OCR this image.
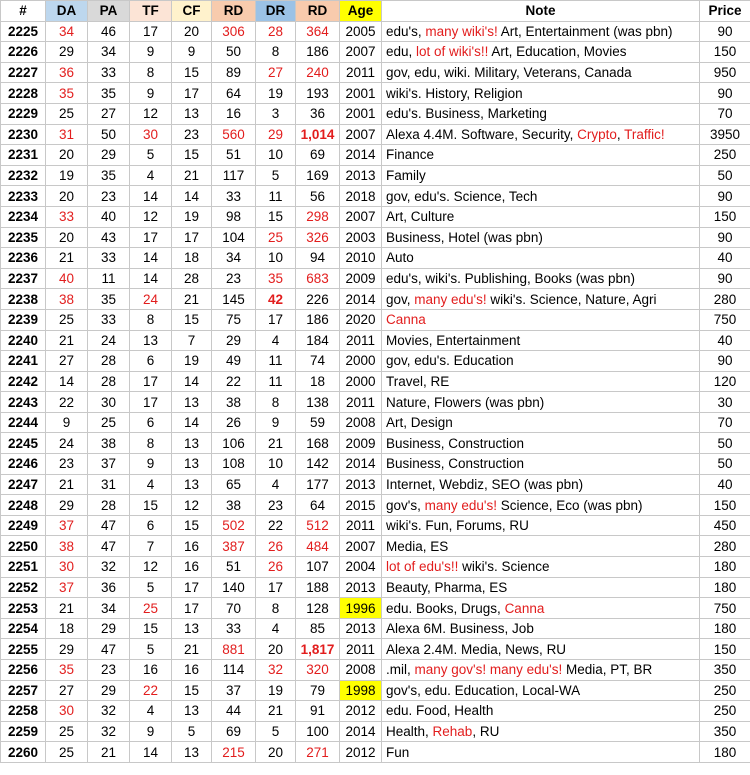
#	DA	PA	TF	CF	RD	DR	RD	Age	Note	Price
2225	34	46	17	20	306	28	364	2005	edu's, many wiki's! Art, Entertainment (was pbn)	90
2226	29	34	9	9	50	8	186	2007	edu, lot of wiki's!! Art, Education, Movies	150
2227	36	33	8	15	89	27	240	2011	gov, edu, wiki. Military, Veterans, Canada	950
2228	35	35	9	17	64	19	193	2001	wiki's. History, Religion	90
2229	25	27	12	13	16	3	36	2001	edu's. Business, Marketing	70
2230	31	50	30	23	560	29	1,014	2007	Alexa 4.4M. Software, Security, Crypto, Traffic!	3950
2231	20	29	5	15	51	10	69	2014	Finance	250
2232	19	35	4	21	117	5	169	2013	Family	50
2233	20	23	14	14	33	11	56	2018	gov, edu's. Science, Tech	90
2234	33	40	12	19	98	15	298	2007	Art, Culture	150
2235	20	43	17	17	104	25	326	2003	Business, Hotel (was pbn)	90
2236	21	33	14	18	34	10	94	2010	Auto	40
2237	40	11	14	28	23	35	683	2009	edu's, wiki's. Publishing, Books (was pbn)	90
2238	38	35	24	21	145	42	226	2014	gov, many edu's! wiki's. Science, Nature, Agri	280
2239	25	33	8	15	75	17	186	2020	Canna	750
2240	21	24	13	7	29	4	184	2011	Movies, Entertainment	40
2241	27	28	6	19	49	11	74	2000	gov, edu's. Education	90
2242	14	28	17	14	22	11	18	2000	Travel, RE	120
2243	22	30	17	13	38	8	138	2011	Nature, Flowers (was pbn)	30
2244	9	25	6	14	26	9	59	2008	Art, Design	70
2245	24	38	8	13	106	21	168	2009	Business, Construction	50
2246	23	37	9	13	108	10	142	2014	Business, Construction	50
2247	21	31	4	13	65	4	177	2013	Internet, Webdiz, SEO (was pbn)	40
2248	29	28	15	12	38	23	64	2015	gov's, many edu's! Science, Eco (was pbn)	150
2249	37	47	6	15	502	22	512	2011	wiki's. Fun, Forums, RU	450
2250	38	47	7	16	387	26	484	2007	Media, ES	280
2251	30	32	12	16	51	26	107	2004	lot of edu's!! wiki's. Science	180
2252	37	36	5	17	140	17	188	2013	Beauty, Pharma, ES	180
2253	21	34	25	17	70	8	128	1996	edu. Books, Drugs, Canna	750
2254	18	29	15	13	33	4	85	2013	Alexa 6M. Business, Job	180
2255	29	47	5	21	881	20	1,817	2011	Alexa 2.4M. Media, News, RU	150
2256	35	23	16	16	114	32	320	2008	.mil, many gov's! many edu's! Media, PT, BR	350
2257	27	29	22	15	37	19	79	1998	gov's, edu. Education, Local-WA	250
2258	30	32	4	13	44	21	91	2012	edu. Food, Health	250
2259	25	32	9	5	69	5	100	2014	Health, Rehab, RU	350
2260	25	21	14	13	215	20	271	2012	Fun	180
